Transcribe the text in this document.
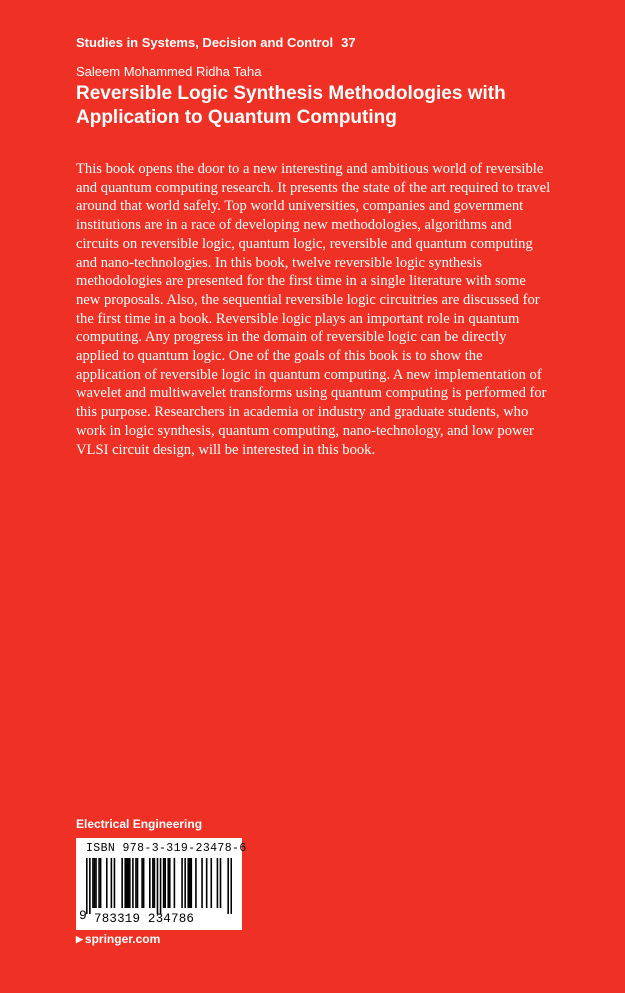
Studies in Systems, Decision and Control 37
Saleem Mohammed Ridha Taha
Reversible Logic Synthesis Methodologies with Application to Quantum Computing

This book opens the door to a new interesting and ambitious world of reversible and quantum computing research. It presents the state of the art required to travel around that world safely. Top world universities, companies and government institutions are in a race of developing new methodologies, algorithms and circuits on reversible logic, quantum logic, reversible and quantum computing and nano-technologies. In this book, twelve reversible logic synthesis methodologies are presented for the first time in a single literature with some new proposals. Also, the sequential reversible logic circuitries are discussed for the first time in a book. Reversible logic plays an important role in quantum computing. Any progress in the domain of reversible logic can be directly applied to quantum logic. One of the goals of this book is to show the application of reversible logic in quantum computing. A new implementation of wavelet and multiwavelet transforms using quantum computing is performed for this purpose. Researchers in academia or industry and graduate students, who work in logic synthesis, quantum computing, nano-technology, and low power VLSI circuit design, will be interested in this book.

Electrical Engineering
ISBN 978-3-319-23478-6
9 783319 234786
▶ springer.com
